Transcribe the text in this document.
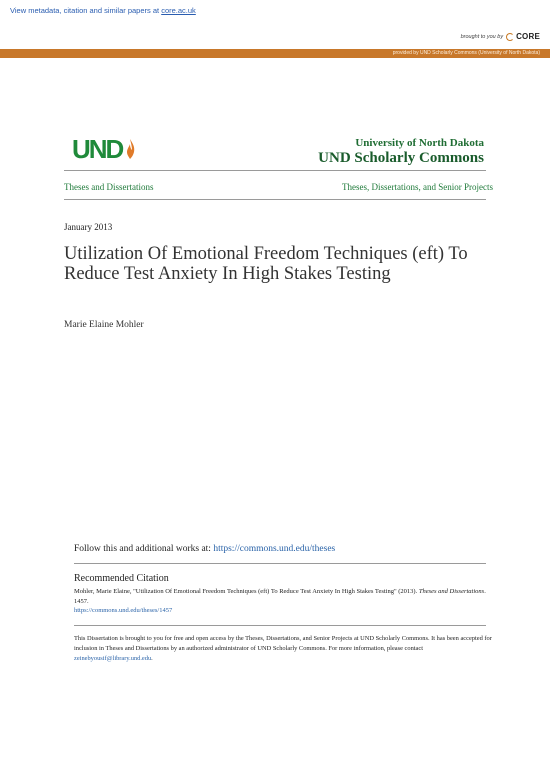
View metadata, citation and similar papers at core.ac.uk
brought to you by CORE
provided by UND Scholarly Commons (University of North Dakota)
UND	University of North Dakota
UND Scholarly Commons
Theses and Dissertations	Theses, Dissertations, and Senior Projects
January 2013
Utilization Of Emotional Freedom Techniques (eft) To Reduce Test Anxiety In High Stakes Testing
Marie Elaine Mohler
Follow this and additional works at: https://commons.und.edu/theses
Recommended Citation
Mohler, Marie Elaine, "Utilization Of Emotional Freedom Techniques (eft) To Reduce Test Anxiety In High Stakes Testing" (2013). Theses and Dissertations. 1457.
https://commons.und.edu/theses/1457
This Dissertation is brought to you for free and open access by the Theses, Dissertations, and Senior Projects at UND Scholarly Commons. It has been accepted for inclusion in Theses and Dissertations by an authorized administrator of UND Scholarly Commons. For more information, please contact zeinebyousif@library.und.edu.
